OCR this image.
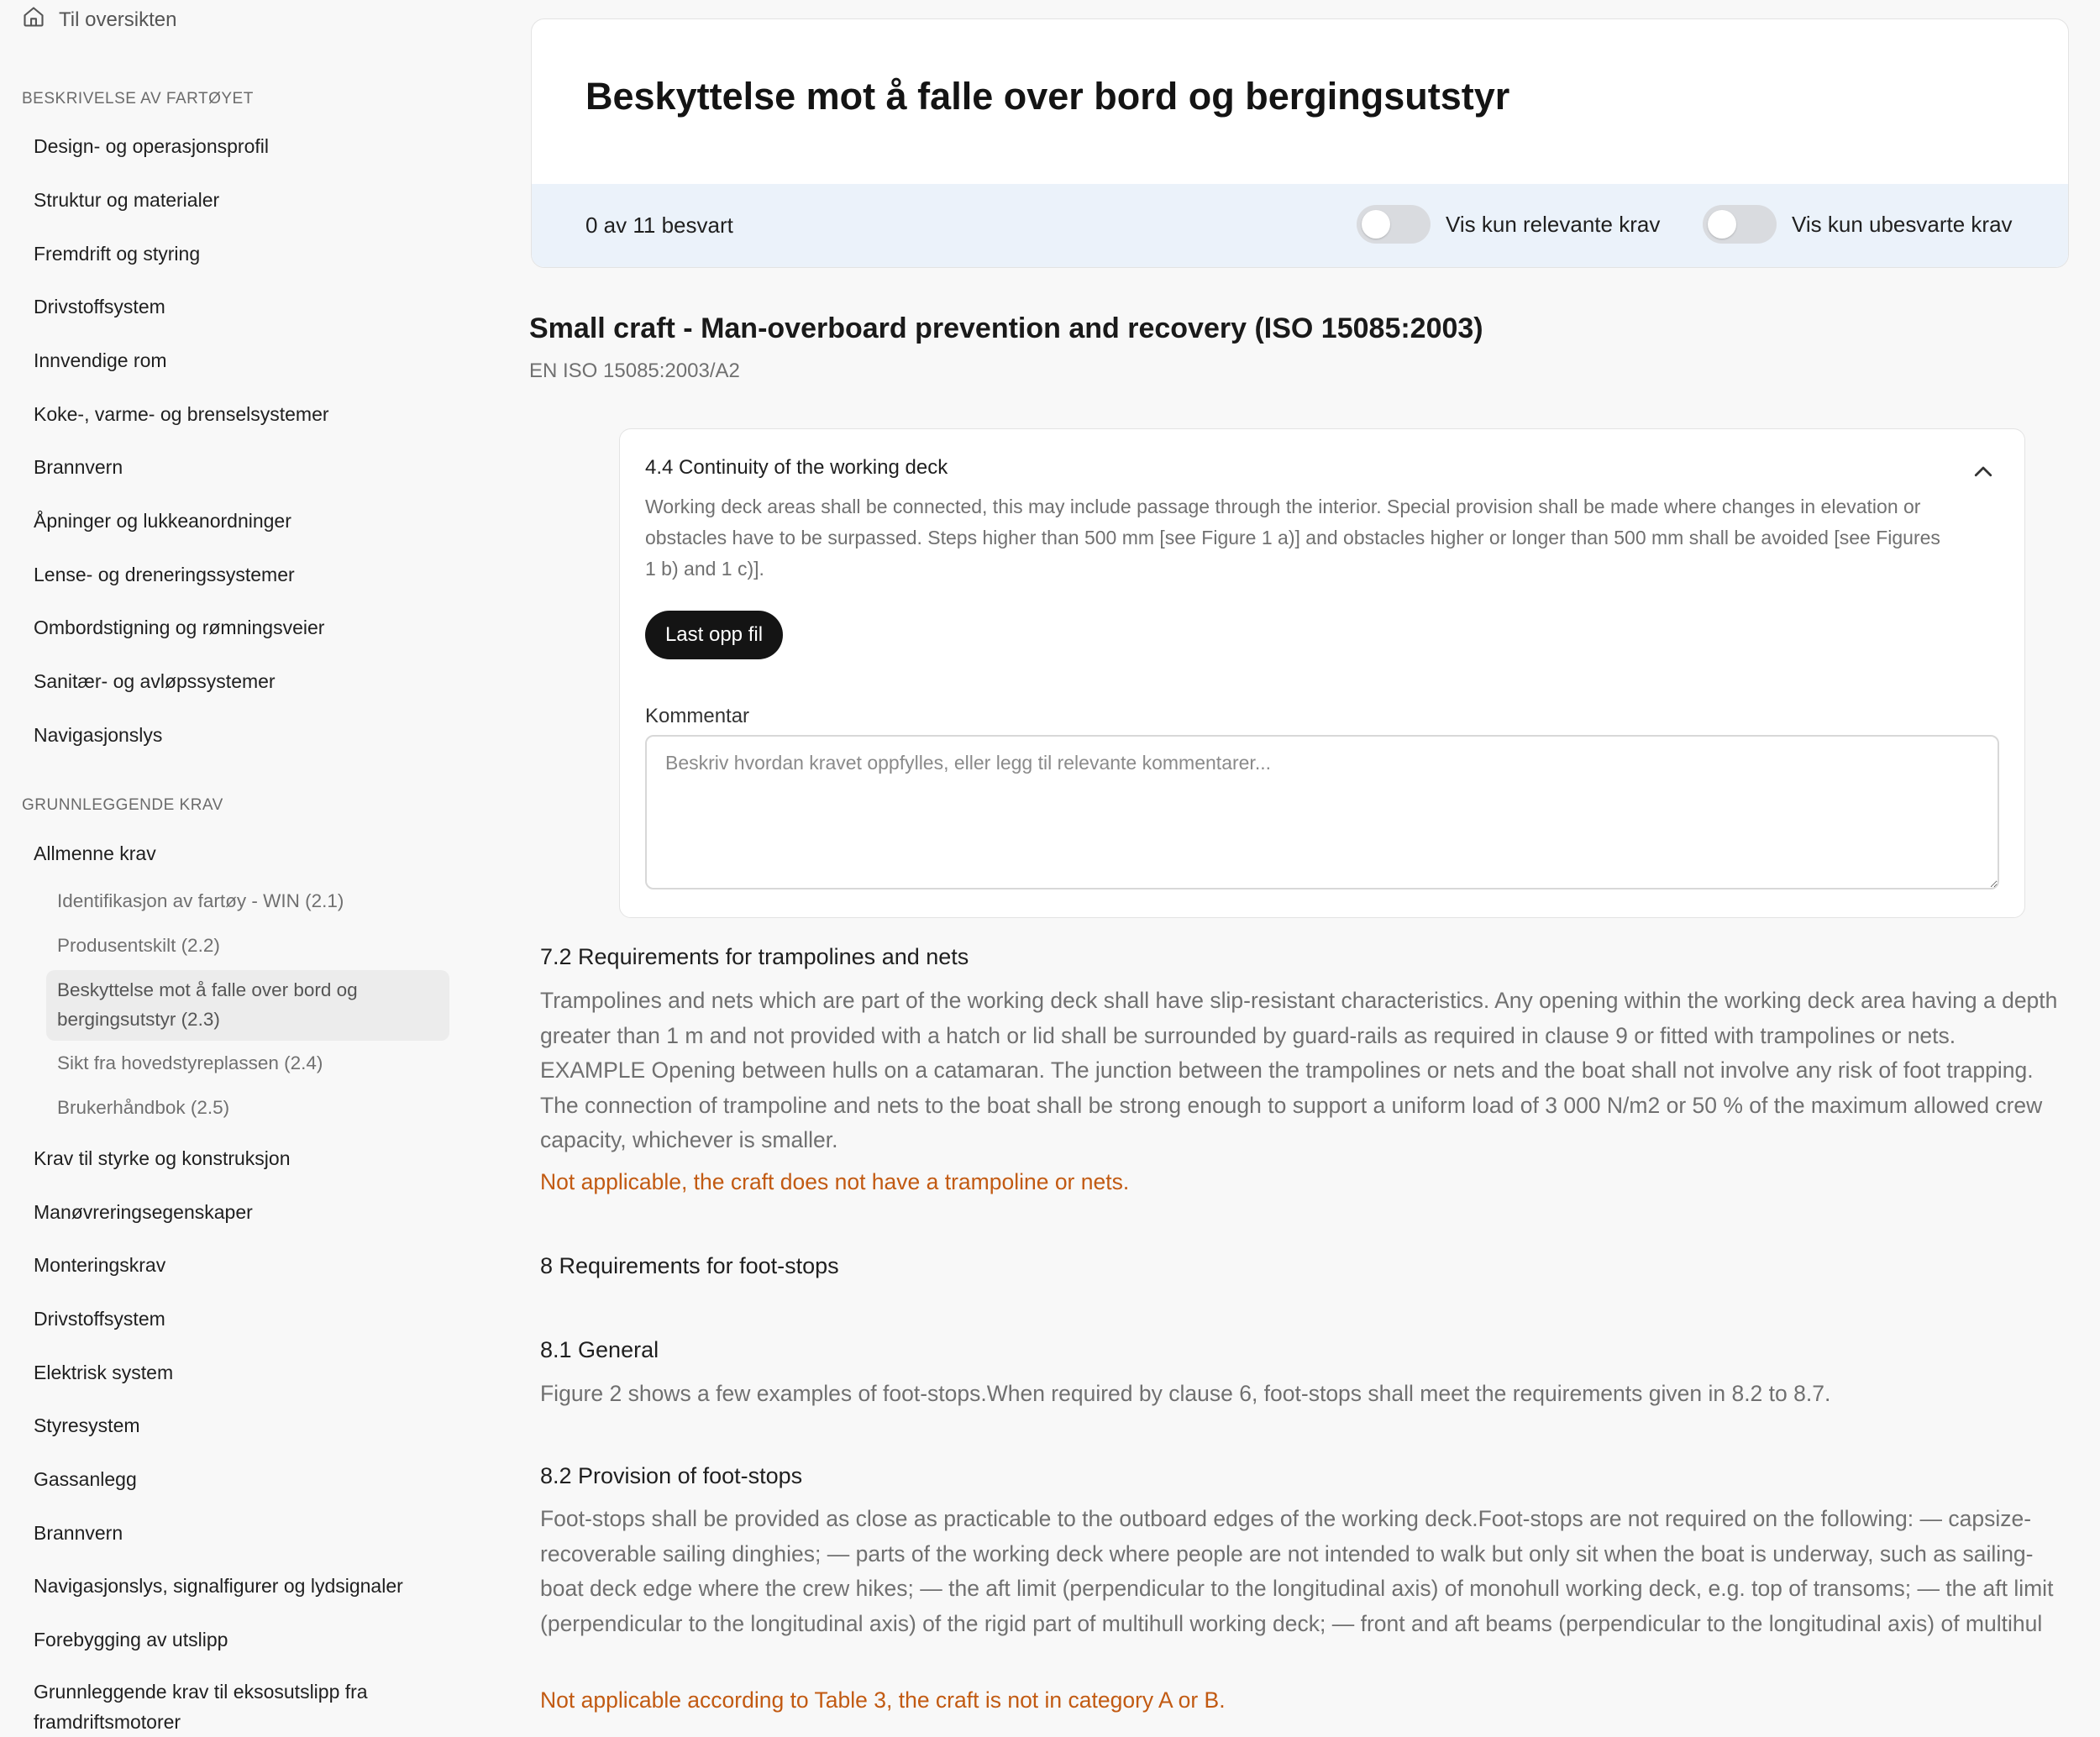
Til oversikten
BESKRIVELSE AV FARTØYET
Design- og operasjonsprofil
Struktur og materialer
Fremdrift og styring
Drivstoffsystem
Innvendige rom
Koke-, varme- og brenselsystemer
Brannvern
Åpninger og lukkeanordninger
Lense- og dreneringssystemer
Ombordstigning og rømningsveier
Sanitær- og avløpssystemer
Navigasjonslys
GRUNNLEGGENDE KRAV
Allmenne krav
Identifikasjon av fartøy - WIN (2.1)
Produsentskilt (2.2)
Beskyttelse mot å falle over bord og bergingsutstyr (2.3)
Sikt fra hovedstyreplassen (2.4)
Brukerhåndbok (2.5)
Krav til styrke og konstruksjon
Manøvreringsegenskaper
Monteringskrav
Drivstoffsystem
Elektrisk system
Styresystem
Gassanlegg
Brannvern
Navigasjonslys, signalfigurer og lydsignaler
Forebygging av utslipp
Grunnleggende krav til eksosutslipp fra framdriftsmotorer
Beskyttelse mot å falle over bord og bergingsutstyr
0 av 11 besvart	Vis kun relevante krav	Vis kun ubesvarte krav
Small craft - Man-overboard prevention and recovery (ISO 15085:2003)
EN ISO 15085:2003/A2
4.4 Continuity of the working deck
Working deck areas shall be connected, this may include passage through the interior. Special provision shall be made where changes in elevation or obstacles have to be surpassed. Steps higher than 500 mm [see Figure 1 a)] and obstacles higher or longer than 500 mm shall be avoided [see Figures 1 b) and 1 c)].
Last opp fil
Kommentar
Beskriv hvordan kravet oppfylles, eller legg til relevante kommentarer...
7.2 Requirements for trampolines and nets
Trampolines and nets which are part of the working deck shall have slip-resistant characteristics. Any opening within the working deck area having a depth greater than 1 m and not provided with a hatch or lid shall be surrounded by guard-rails as required in clause 9 or fitted with trampolines or nets. EXAMPLE Opening between hulls on a catamaran. The junction between the trampolines or nets and the boat shall not involve any risk of foot trapping. The connection of trampoline and nets to the boat shall be strong enough to support a uniform load of 3 000 N/m2 or 50 % of the maximum allowed crew capacity, whichever is smaller.
Not applicable, the craft does not have a trampoline or nets.
8 Requirements for foot-stops
8.1 General
Figure 2 shows a few examples of foot-stops.When required by clause 6, foot-stops shall meet the requirements given in 8.2 to 8.7.
8.2 Provision of foot-stops
Foot-stops shall be provided as close as practicable to the outboard edges of the working deck.Foot-stops are not required on the following: — capsize-recoverable sailing dinghies; — parts of the working deck where people are not intended to walk but only sit when the boat is underway, such as sailing-boat deck edge where the crew hikes; — the aft limit (perpendicular to the longitudinal axis) of monohull working deck, e.g. top of transoms; — the aft limit (perpendicular to the longitudinal axis) of the rigid part of multihull working deck; — front and aft beams (perpendicular to the longitudinal axis) of multihul
Not applicable according to Table 3, the craft is not in category A or B.
